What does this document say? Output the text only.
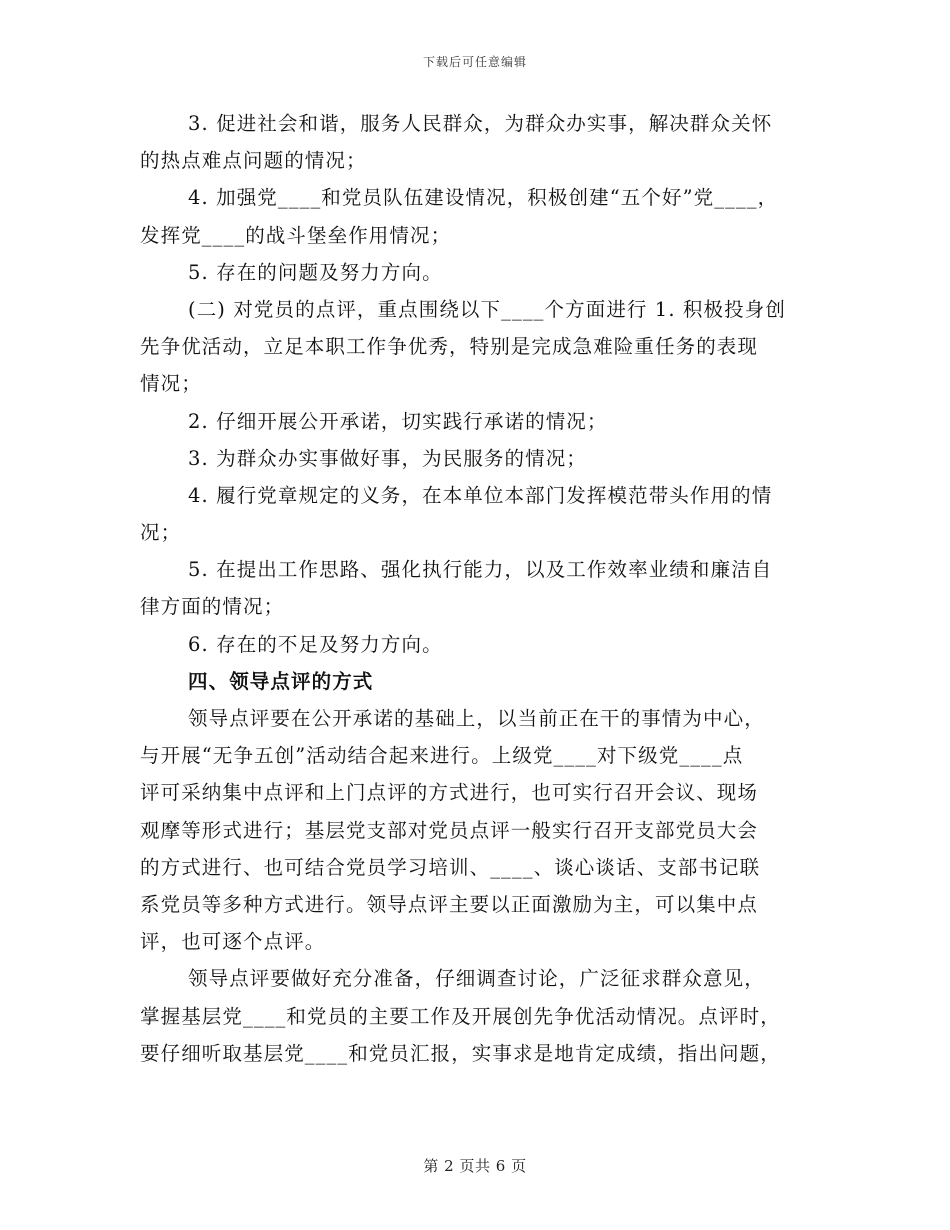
下载后可任意编辑
3. 促进社会和谐，服务人民群众，为群众办实事，解决群众关怀
的热点难点问题的情况；
4. 加强党____和党员队伍建设情况，积极创建“五个好”党____，
发挥党____的战斗堡垒作用情况；
5. 存在的问题及努力方向。
(二) 对党员的点评，重点围绕以下____个方面进行 1. 积极投身创
先争优活动，立足本职工作争优秀，特别是完成急难险重任务的表现
情况；
2. 仔细开展公开承诺，切实践行承诺的情况；
3. 为群众办实事做好事，为民服务的情况；
4. 履行党章规定的义务，在本单位本部门发挥模范带头作用的情
况；
5. 在提出工作思路、强化执行能力，以及工作效率业绩和廉洁自
律方面的情况；
6. 存在的不足及努力方向。
四、领导点评的方式
领导点评要在公开承诺的基础上，以当前正在干的事情为中心，
与开展“无争五创”活动结合起来进行。上级党____对下级党____点
评可采纳集中点评和上门点评的方式进行，也可实行召开会议、现场
观摩等形式进行；基层党支部对党员点评一般实行召开支部党员大会
的方式进行、也可结合党员学习培训、____、谈心谈话、支部书记联
系党员等多种方式进行。领导点评主要以正面激励为主，可以集中点
评，也可逐个点评。
领导点评要做好充分准备，仔细调查讨论，广泛征求群众意见，
掌握基层党____和党员的主要工作及开展创先争优活动情况。点评时，
要仔细听取基层党____和党员汇报，实事求是地肯定成绩，指出问题，
第 2 页共 6 页
